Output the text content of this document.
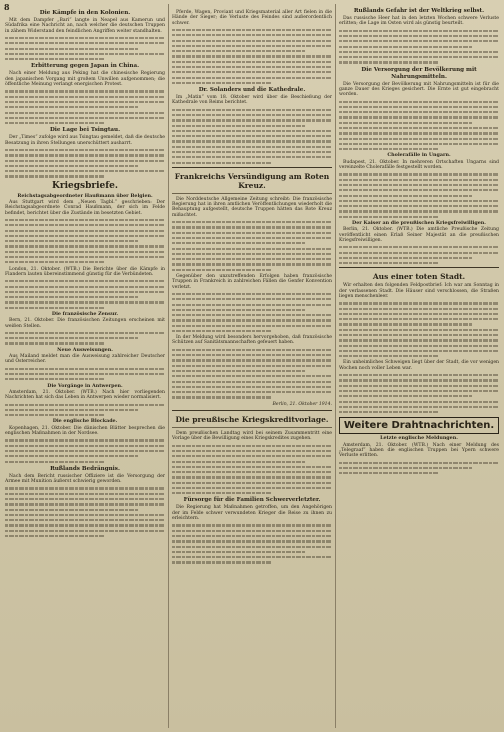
8
Die Kämpfe in den Kolonien.

Mit dem Dampfer „Bari“ langte in Neapel aus Kamerun und Südafrika eine Nachricht an, nach welcher die deutschen Truppen in zähem Widerstand den feindlichen Angriffen weiter standhalten.

Erbitterung gegen Japan in China.

Nach einer Meldung aus Peking hat die chinesische Regierung den japanischen Vorgang mit großem Unwillen aufgenommen; die öffentliche Meinung verlangt energischen Protest.

Die Lage bei Tsingtau.

Der „Times“ zufolge wird aus Tsingtau gemeldet, daß die deutsche Besatzung in ihren Stellungen unerschüttert ausharrt.

Kriegsbriefe.
Reichstagsabgeordneter Haußmann über Belgien.

Aus Stuttgart wird dem „Neuen Tagbl.“ geschrieben: Der Reichstagsabgeordnete Conrad Haußmann, der sich im Felde befindet, berichtet über die Zustände im besetzten Gebiet.

London, 21. Oktober. (WTB.) Die Berichte über die Kämpfe in Flandern lauten übereinstimmend günstig für die Verbündeten.

Die französische Zensur.

Bern, 21. Oktober. Die französischen Zeitungen erscheinen mit weißen Stellen.

Neue Ausweisungen.

Aus Mailand meldet man die Ausweisung zahlreicher Deutscher und Österreicher.

Die Vorgänge in Antwerpen.

Amsterdam, 21. Oktober. (WTB.) Nach hier vorliegenden Nachrichten hat sich das Leben in Antwerpen wieder normalisiert.

Die englische Blockade.

Kopenhagen, 21. Oktober. Die dänischen Blätter besprechen die englischen Maßnahmen in der Nordsee.

Rußlands Bedrängnis.

Nach dem Bericht russischer Offiziere ist die Versorgung der Armee mit Munition äußerst schwierig geworden.

Pferde, Wagen, Proviant und Kriegsmaterial aller Art fielen in die Hände der Sieger; die Verluste des Feindes sind außerordentlich schwer.

Dr. Solanders und die Kathedrale.

Im „Matin“ vom 18. Oktober wird über die Beschießung der Kathedrale von Reims berichtet.

Frankreichs Versündigung am Roten Kreuz.

Die Norddeutsche Allgemeine Zeitung schreibt: Die französische Regierung hat in ihren amtlichen Veröffentlichungen wiederholt die Behauptung aufgestellt, deutsche Truppen hätten das Rote Kreuz mißachtet.

Gegenüber den unzutreffenden Erfolgen haben französische Truppen in Frankreich in zahlreichen Fällen die Genfer Konvention verletzt.

In der Meldung wird besonders hervorgehoben, daß französische Schützen auf Sanitätsmannschaften gefeuert haben.

Berlin, 21. Oktober 1914.
Die preußische Kriegskreditvorlage.

Dem preußischen Landtag wird bei seinem Zusammentritt eine Vorlage über die Bewilligung eines Kriegskredites zugehen.

Fürsorge für die Familien Schwerverletzter.

Die Regierung hat Maßnahmen getroffen, um den Angehörigen der im Felde schwer verwundeten Krieger die Reise zu ihnen zu erleichtern.

Rußlands Gefahr ist der Weltkrieg selbst.

Das russische Heer hat in den letzten Wochen schwere Verluste erlitten; die Lage im Osten wird als günstig beurteilt.

Die Versorgung der Bevölkerung mit Nahrungsmitteln.

Die Versorgung der Bevölkerung mit Nahrungsmitteln ist für die ganze Dauer des Krieges gesichert. Die Ernte ist gut eingebracht worden.

Cholerafälle in Ungarn.

Budapest, 21. Oktober. In mehreren Ortschaften Ungarns sind vereinzelte Cholerafälle festgestellt worden.

Der Kaiser an die preußischen Kriegsfreiwilligen.

Berlin, 21. Oktober. (WTB.) Die amtliche Preußische Zeitung veröffentlicht einen Erlaß Seiner Majestät an die preußischen Kriegsfreiwilligen.

Aus einer toten Stadt.

Wir erhalten den folgenden Feldpostbrief: Ich war am Sonntag in der verlassenen Stadt. Die Häuser sind verschlossen, die Straßen liegen menschenleer.

Ein unheimliches Schweigen liegt über der Stadt, die vor wenigen Wochen noch voller Leben war.

Weitere Drahtnachrichten.
Letzte englische Meldungen.

Amsterdam, 21. Oktober. (WTB.) Nach einer Meldung des „Telegraaf“ haben die englischen Truppen bei Ypern schwere Verluste erlitten.
